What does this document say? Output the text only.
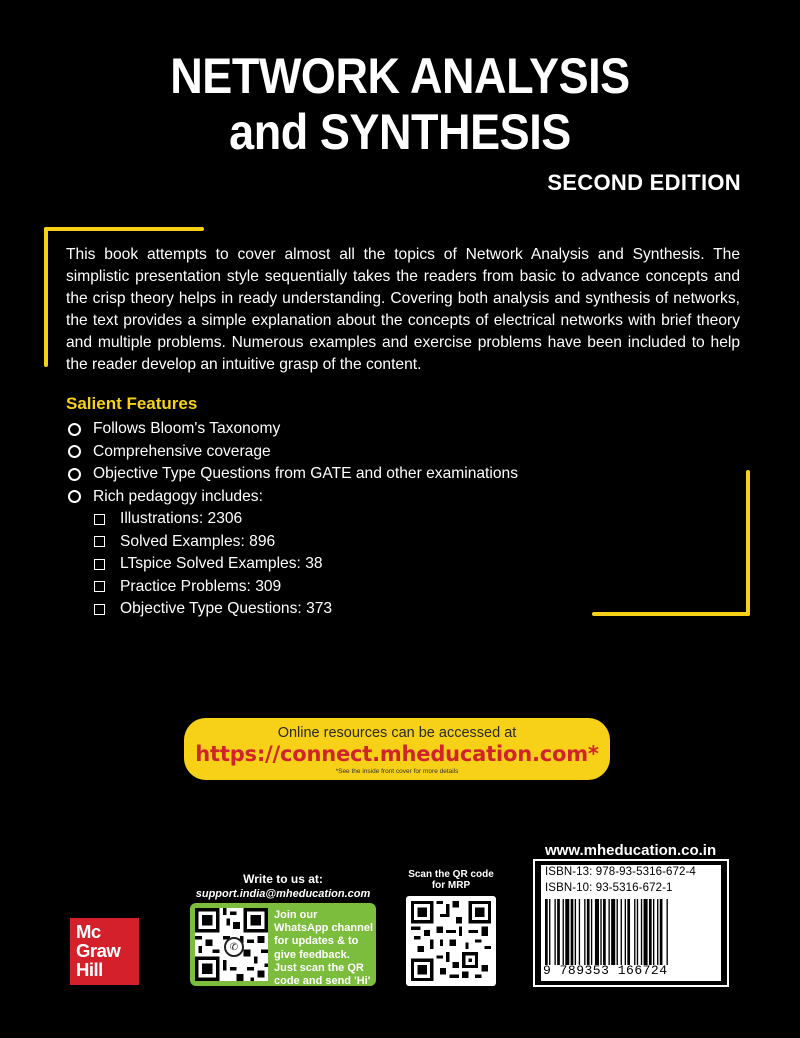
NETWORK ANALYSIS
and SYNTHESIS
SECOND EDITION

This book attempts to cover almost all the topics of Network Analysis and Synthesis. The simplistic presentation style sequentially takes the readers from basic to advance concepts and the crisp theory helps in ready understanding. Covering both analysis and synthesis of networks, the text provides a simple explanation about the concepts of electrical networks with brief theory and multiple problems. Numerous examples and exercise problems have been included to help the reader develop an intuitive grasp of the content.

Salient Features
Follows Bloom's Taxonomy
Comprehensive coverage
Objective Type Questions from GATE and other examinations
Rich pedagogy includes:
Illustrations: 2306
Solved Examples: 896
LTspice Solved Examples: 38
Practice Problems: 309
Objective Type Questions: 373
Online resources can be accessed at
https://connect.mheducation.com*
*See the inside front cover for more details
Mc
Graw
Hill
Write to us at:
support.india@mheducation.com
✆
Join our WhatsApp channel for updates & to give feedback. Just scan the QR code and send 'Hi'
Scan the QR code for MRP
www.mheducation.co.in
ISBN-13: 978-93-5316-672-4
ISBN-10: 93-5316-672-1
9 789353 166724
